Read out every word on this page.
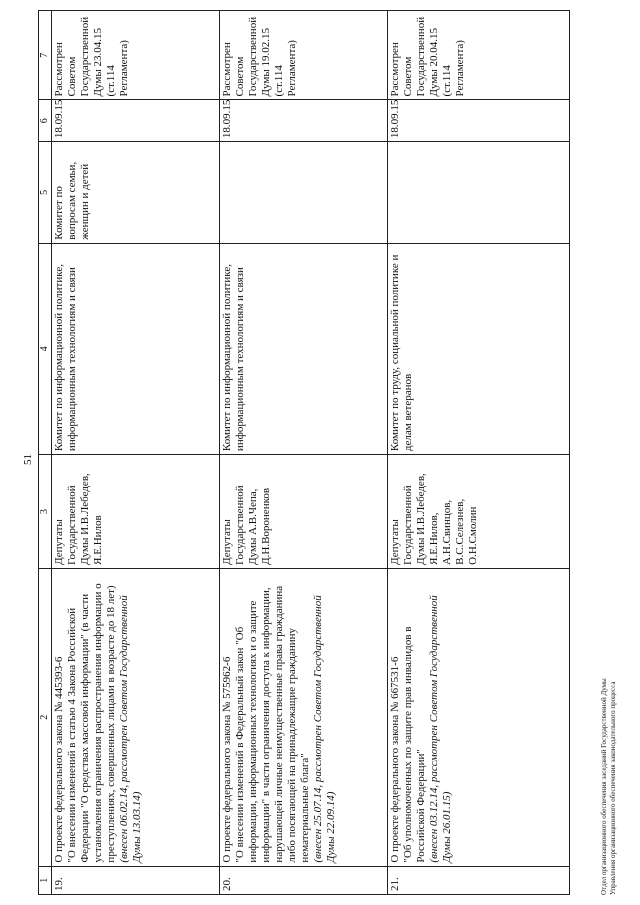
51
1	2	3	4	5	6	7
19.	О проекте федерального закона № 445393-6 "О внесении изменений в статью 4 Закона Российской Федерации "О средствах массовой информации" (в части установления ограничения распространения информации о преступлениях, совершенных лицами в возрасте до 18 лет) (внесен 06.02.14, рассмотрен Советом Государственной Думы 13.03.14)	Депутаты Государственной Думы И.В.Лебедев, Я.Е.Нилов	Комитет по информационной политике, информационным технологиям и связи	Комитет по вопросам семьи, женщин и детей	18.09.15	Рассмотрен Советом Государственной Думы 23.04.15 (ст.114 Регламента)
20.	О проекте федерального закона № 575962-6 "О внесении изменений в Федеральный закон "Об информации, информационных технологиях и о защите информации" в части ограничения доступа к информации, нарушающей личные неимущественные права гражданина либо посягающей на принадлежащие гражданину нематериальные блага" (внесен 25.07.14, рассмотрен Советом Государственной Думы 22.09.14)	Депутаты Государственной Думы А.В.Чепа, Д.Н.Вороненков	Комитет по информационной политике, информационным технологиям и связи		18.09.15	Рассмотрен Советом Государственной Думы 19.02.15 (ст.114 Регламента)
21.	О проекте федерального закона № 667531-6 "Об уполномоченных по защите прав инвалидов в Российской Федерации" (внесен 03.12.14, рассмотрен Советом Государственной Думы 26.01.15)	Депутаты Государственной Думы И.В.Лебедев, Я.Е.Нилов, А.Н.Свинцов, В.С.Селезнев, О.Н.Смолин	Комитет по труду, социальной политике и делам ветеранов		18.09.15	Рассмотрен Советом Государственной Думы 20.04.15 (ст.114 Регламента)
Отдел организационного обеспечения заседаний Государственной Думы Управления организационного обеспечения законодательного процесса
